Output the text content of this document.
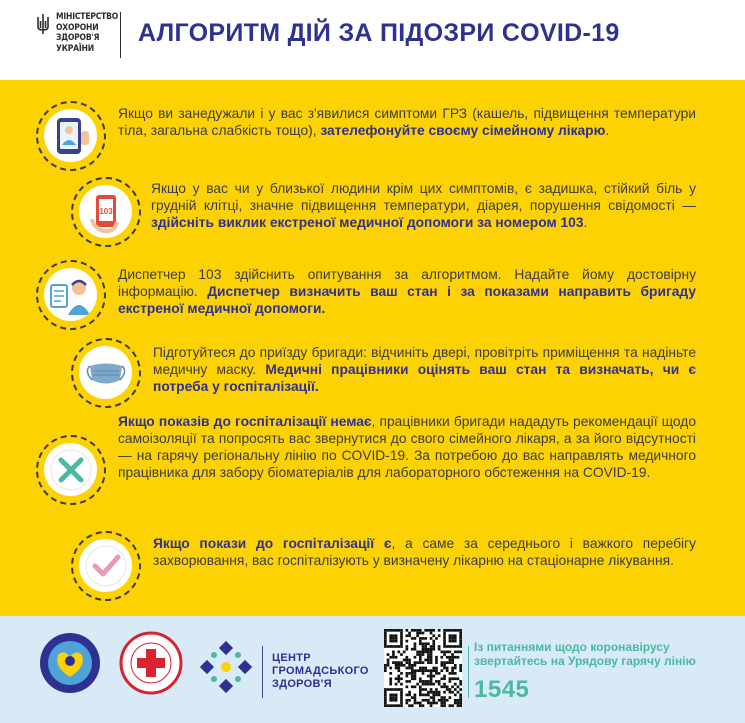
МІНІСТЕРСТВО
ОХОРОНИ
ЗДОРОВ'Я
УКРАЇНИ
АЛГОРИТМ ДІЙ ЗА ПІДОЗРИ COVID-19
Якщо ви занедужали і у вас з'явилися симптоми ГРЗ (кашель, підвищення температури тіла, загальна слабкість тощо), зателефонуйте своєму сімейному лікарю.
103
Якщо у вас чи у близької людини крім цих симптомів, є задишка, стійкий біль у грудній клітці, значне підвищення температури, діарея, порушення свідомості — здійсніть виклик екстреної медичної допомоги за номером 103.
Диспетчер 103 здійснить опитування за алгоритмом. Надайте йому достовірну інформацію. Диспетчер визначить ваш стан і за показами направить бригаду екстреної медичної допомоги.
Підготуйтеся до приїзду бригади: відчиніть двері, провітріть приміщення та надіньте медичну маску. Медичні працівники оцінять ваш стан та визначать, чи є потреба у госпіталізації.
Якщо показів до госпіталізації немає, працівники бригади нададуть рекомендації щодо самоізоляції та попросять вас звернутися до свого сімейного лікаря, а за його відсутності — на гарячу регіональну лінію по COVID-19. За потребою до вас направлять медичного працівника для забору біоматеріалів для лабораторного обстеження на COVID-19.
Якщо покази до госпіталізації є, а саме за середнього і важкого перебігу захворювання, вас госпіталізують у визначену лікарню на стаціонарне лікування.
ЦЕНТР
ГРОМАДСЬКОГО
ЗДОРОВ'Я
Із питаннями щодо коронавірусу
звертайтесь на Урядову гарячу лінію
1545
